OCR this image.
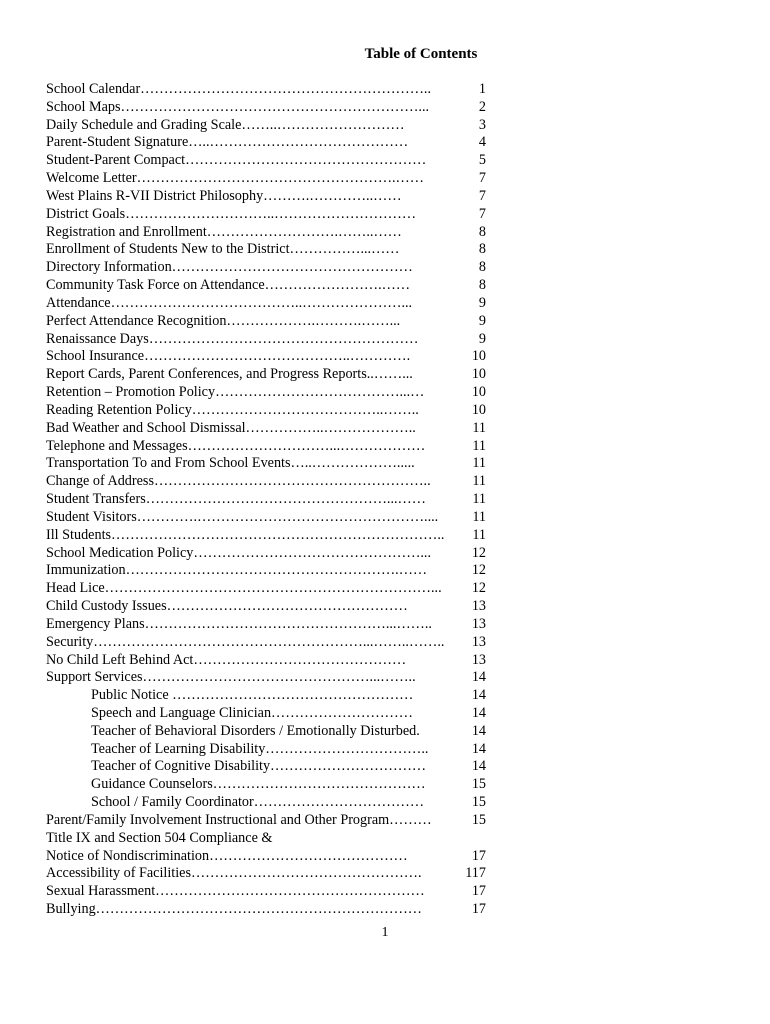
Table of Contents
School Calendar……………………………………………………..	1
School Maps………………………………………………………...	2
Daily Schedule and Grading Scale……..………………………	3
Parent-Student Signature…..……………………………………	4
Student-Parent Compact……………………………………………	5
Welcome Letter……………………………………………….……	7
West Plains R-VII District Philosophy……….…………..……	7
District Goals…………………………..…………………………	7
Registration and Enrollment……………………….……..……	8
Enrollment of Students New to the District……………...……	8
Directory Information……………………………………………	8
Community Task Force on Attendance…………………….……	8
Attendance…………………………………..…………………...	9
Perfect Attendance Recognition……………….……….……...	9
Renaissance Days…………………………………………………	9
School Insurance……………………………………..………….	10
Report Cards, Parent Conferences, and Progress Reports..……...	10
Retention – Promotion Policy…………………………………...…	10
Reading Retention Policy…………………………………..……..	10
Bad Weather and School Dismissal……………..………………..	11
Telephone and Messages…………………………...………………	11
Transportation To and From School Events…..……………….....	11
Change of Address…………………………………………………..	11
Student Transfers……………………………………………...……	11
Student Visitors………….………………………………………….... 11
Ill Students…………………………………………………………….. 11
School Medication Policy…………………………………………...	12
Immunization………………………………………………….……	12
Head Lice……………………………………………………………... 12
Child Custody Issues……………………………………………	13
Emergency Plans……………………………………………...……..	13
Security…………………………………………………...……..…….. 13
No Child Left Behind Act………………………………………	13
Support Services…………………………………………...……..	14
Public Notice ……………………………………………	14
Speech and Language Clinician…………………………	14
Teacher of Behavioral Disorders / Emotionally Disturbed.	14
Teacher of Learning Disability……………………………..	14
Teacher of Cognitive Disability……………………………	14
Guidance Counselors………………………………………	15
School / Family Coordinator………………………………	15
Parent/Family Involvement Instructional and Other Program………	15
Title IX and Section 504 Compliance &
Notice of Nondiscrimination……………………………………	17
Accessibility of Facilities………………………………………….	117
Sexual Harassment…………………………………………………	17
Bullying……………………………………………………………	17
1
